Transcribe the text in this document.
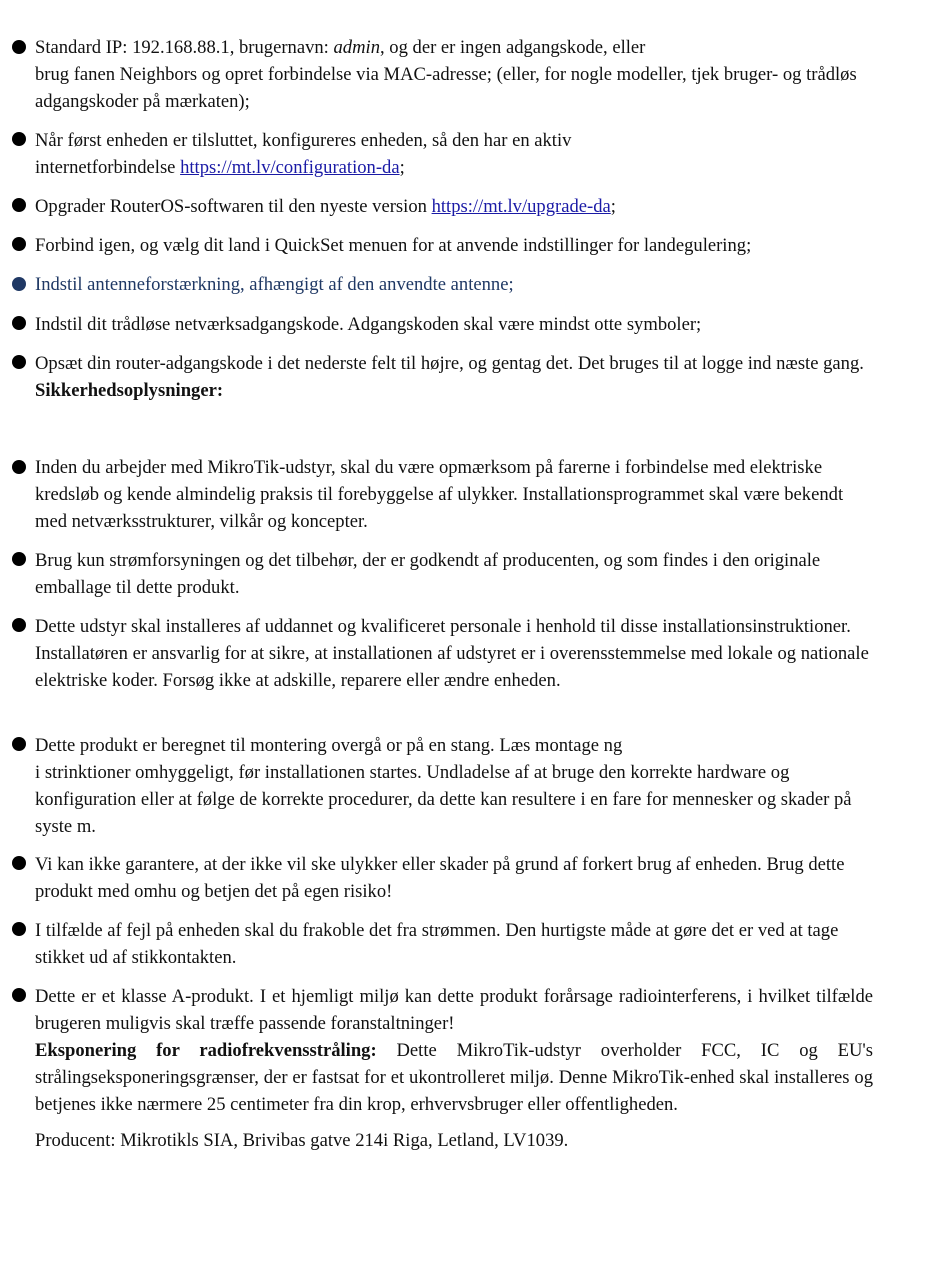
Standard IP: 192.168.88.1, brugernavn: admin, og der er ingen adgangskode, eller

brug fanen Neighbors og opret forbindelse via MAC-adresse; (eller, for nogle modeller, tjek bruger- og trådløs adgangskoder på mærkaten);

Når først enheden er tilsluttet, konfigureres enheden, så den har en aktiv

internetforbindelse https://mt.lv/configuration-da;

Opgrader RouterOS-softwaren til den nyeste version https://mt.lv/upgrade-da;

Forbind igen, og vælg dit land i QuickSet menuen for at anvende indstillinger for landegulering;

Indstil antenneforstærkning, afhængigt af den anvendte antenne;

Indstil dit trådløse netværksadgangskode. Adgangskoden skal være mindst otte symboler;

Opsæt din router-adgangskode i det nederste felt til højre, og gentag det. Det bruges til at logge ind næste gang.

Sikkerhedsoplysninger:

Inden du arbejder med MikroTik-udstyr, skal du være opmærksom på farerne i forbindelse med elektriske kredsløb og kende almindelig praksis til forebyggelse af ulykker. Installationsprogrammet skal være bekendt med netværksstrukturer, vilkår og koncepter.

Brug kun strømforsyningen og det tilbehør, der er godkendt af producenten, og som findes i den originale emballage til dette produkt.

Dette udstyr skal installeres af uddannet og kvalificeret personale i henhold til disse installationsinstruktioner. Installatøren er ansvarlig for at sikre, at installationen af udstyret er i overensstemmelse med lokale og nationale elektriske koder. Forsøg ikke at adskille, reparere eller ændre enheden.

Dette produkt er beregnet til montering overgå or på en stang. Læs montage ng

i strinktioner omhyggeligt, før installationen startes. Undladelse af at bruge den korrekte hardware og konfiguration eller at følge de korrekte procedurer, da dette kan resultere i en fare for mennesker og skader på syste m.

Vi kan ikke garantere, at der ikke vil ske ulykker eller skader på grund af forkert brug af enheden. Brug dette produkt med omhu og betjen det på egen risiko!

I tilfælde af fejl på enheden skal du frakoble det fra strømmen. Den hurtigste måde at gøre det er ved at tage stikket ud af stikkontakten.

Dette er et klasse A-produkt. I et hjemligt miljø kan dette produkt forårsage radiointerferens, i hvilket tilfælde brugeren muligvis skal træffe passende foranstaltninger!

Eksponering for radiofrekvensstråling: Dette MikroTik-udstyr overholder FCC, IC og EU's strålingseksponeringsgrænser, der er fastsat for et ukontrolleret miljø. Denne MikroTik-enhed skal installeres og betjenes ikke nærmere 25 centimeter fra din krop, erhvervsbruger eller offentligheden.

Producent: Mikrotikls SIA, Brivibas gatve 214i Riga, Letland, LV1039.
